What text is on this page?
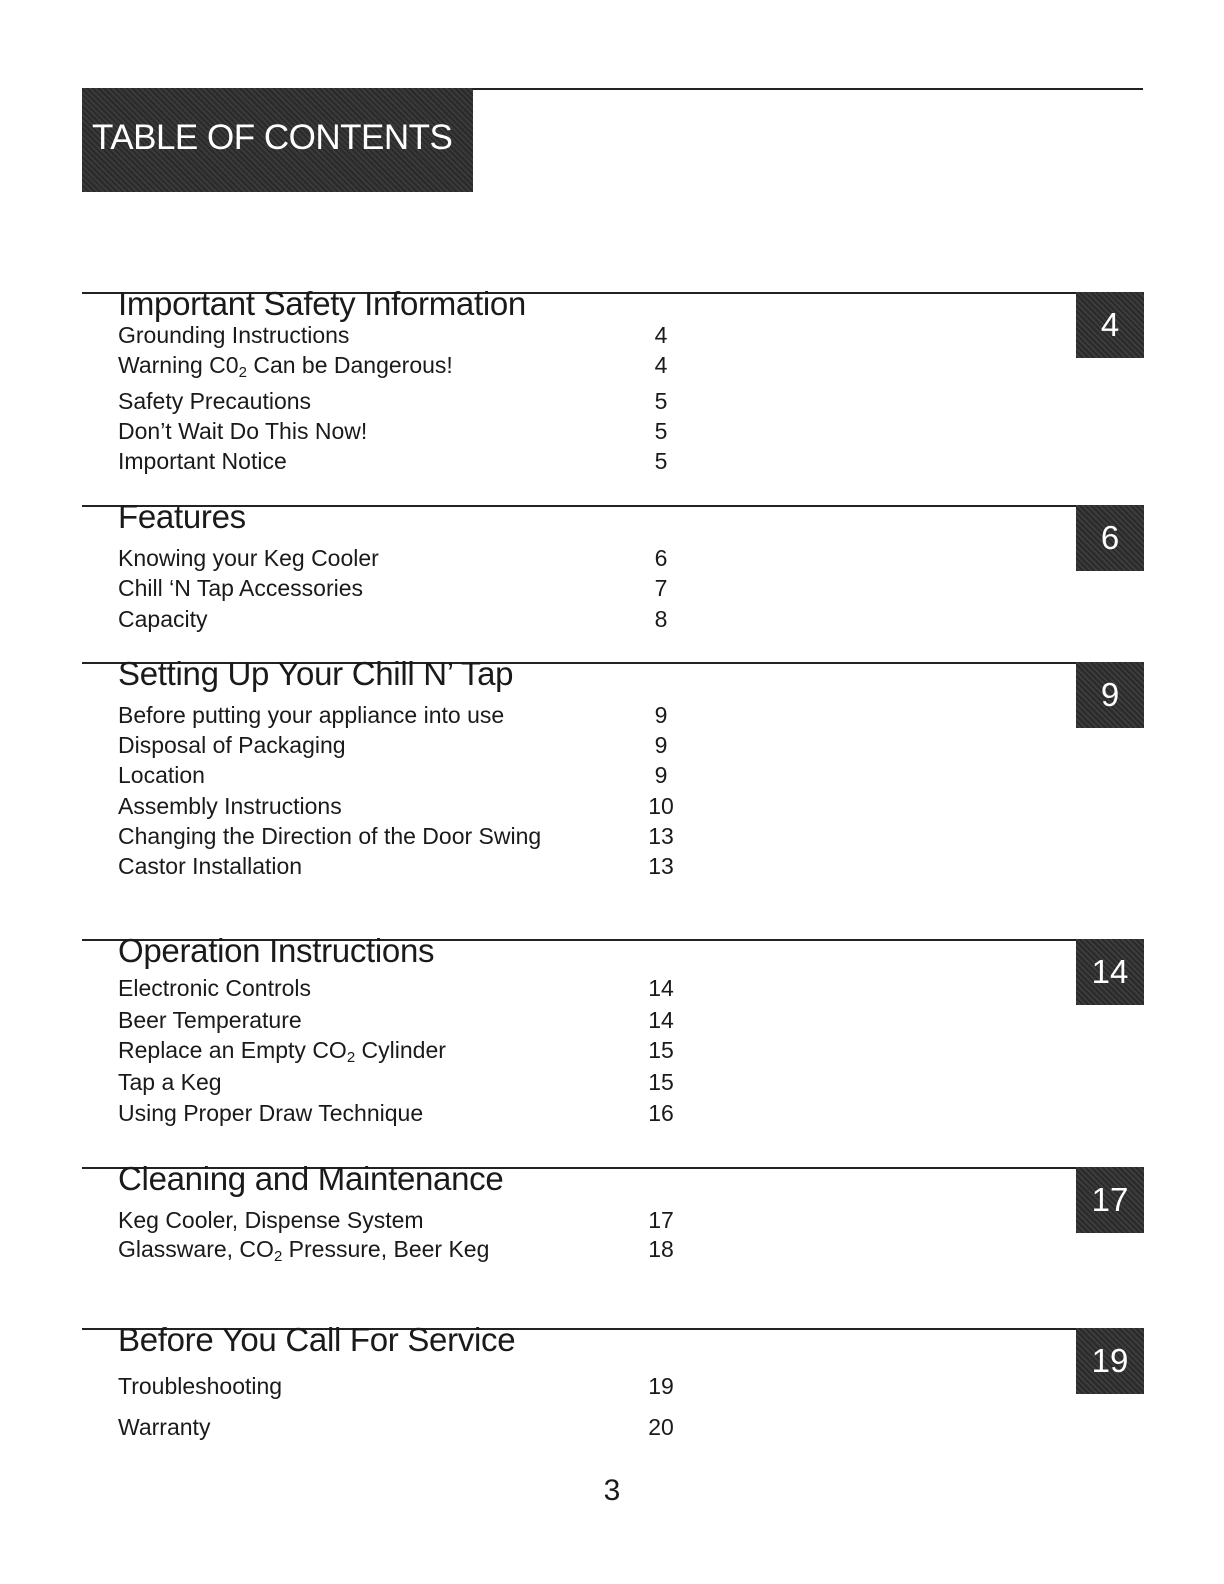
TABLE OF CONTENTS
Important Safety Information
4
Grounding Instructions	4
Warning $C0_2$ Can be Dangerous!	4
Safety Precautions	5
Don’t Wait Do This Now!	5
Important Notice	5
Features
6
Knowing your Keg Cooler	6
Chill ‘N Tap Accessories	7
Capacity	8
Setting Up Your Chill N’ Tap
9
Before putting your appliance into use	9
Disposal of Packaging	9
Location	9
Assembly Instructions	10
Changing the Direction of the Door Swing	13
Castor Installation	13
Operation Instructions
14
Electronic Controls	14
Beer Temperature	14
Replace an Empty $CO_2$ Cylinder	15
Tap a Keg	15
Using Proper Draw Technique	16
Cleaning and Maintenance
17
Keg Cooler, Dispense System	17
Glassware, $CO_2$ Pressure, Beer Keg	18
Before You Call For Service
19
Troubleshooting	19
Warranty	20
3
